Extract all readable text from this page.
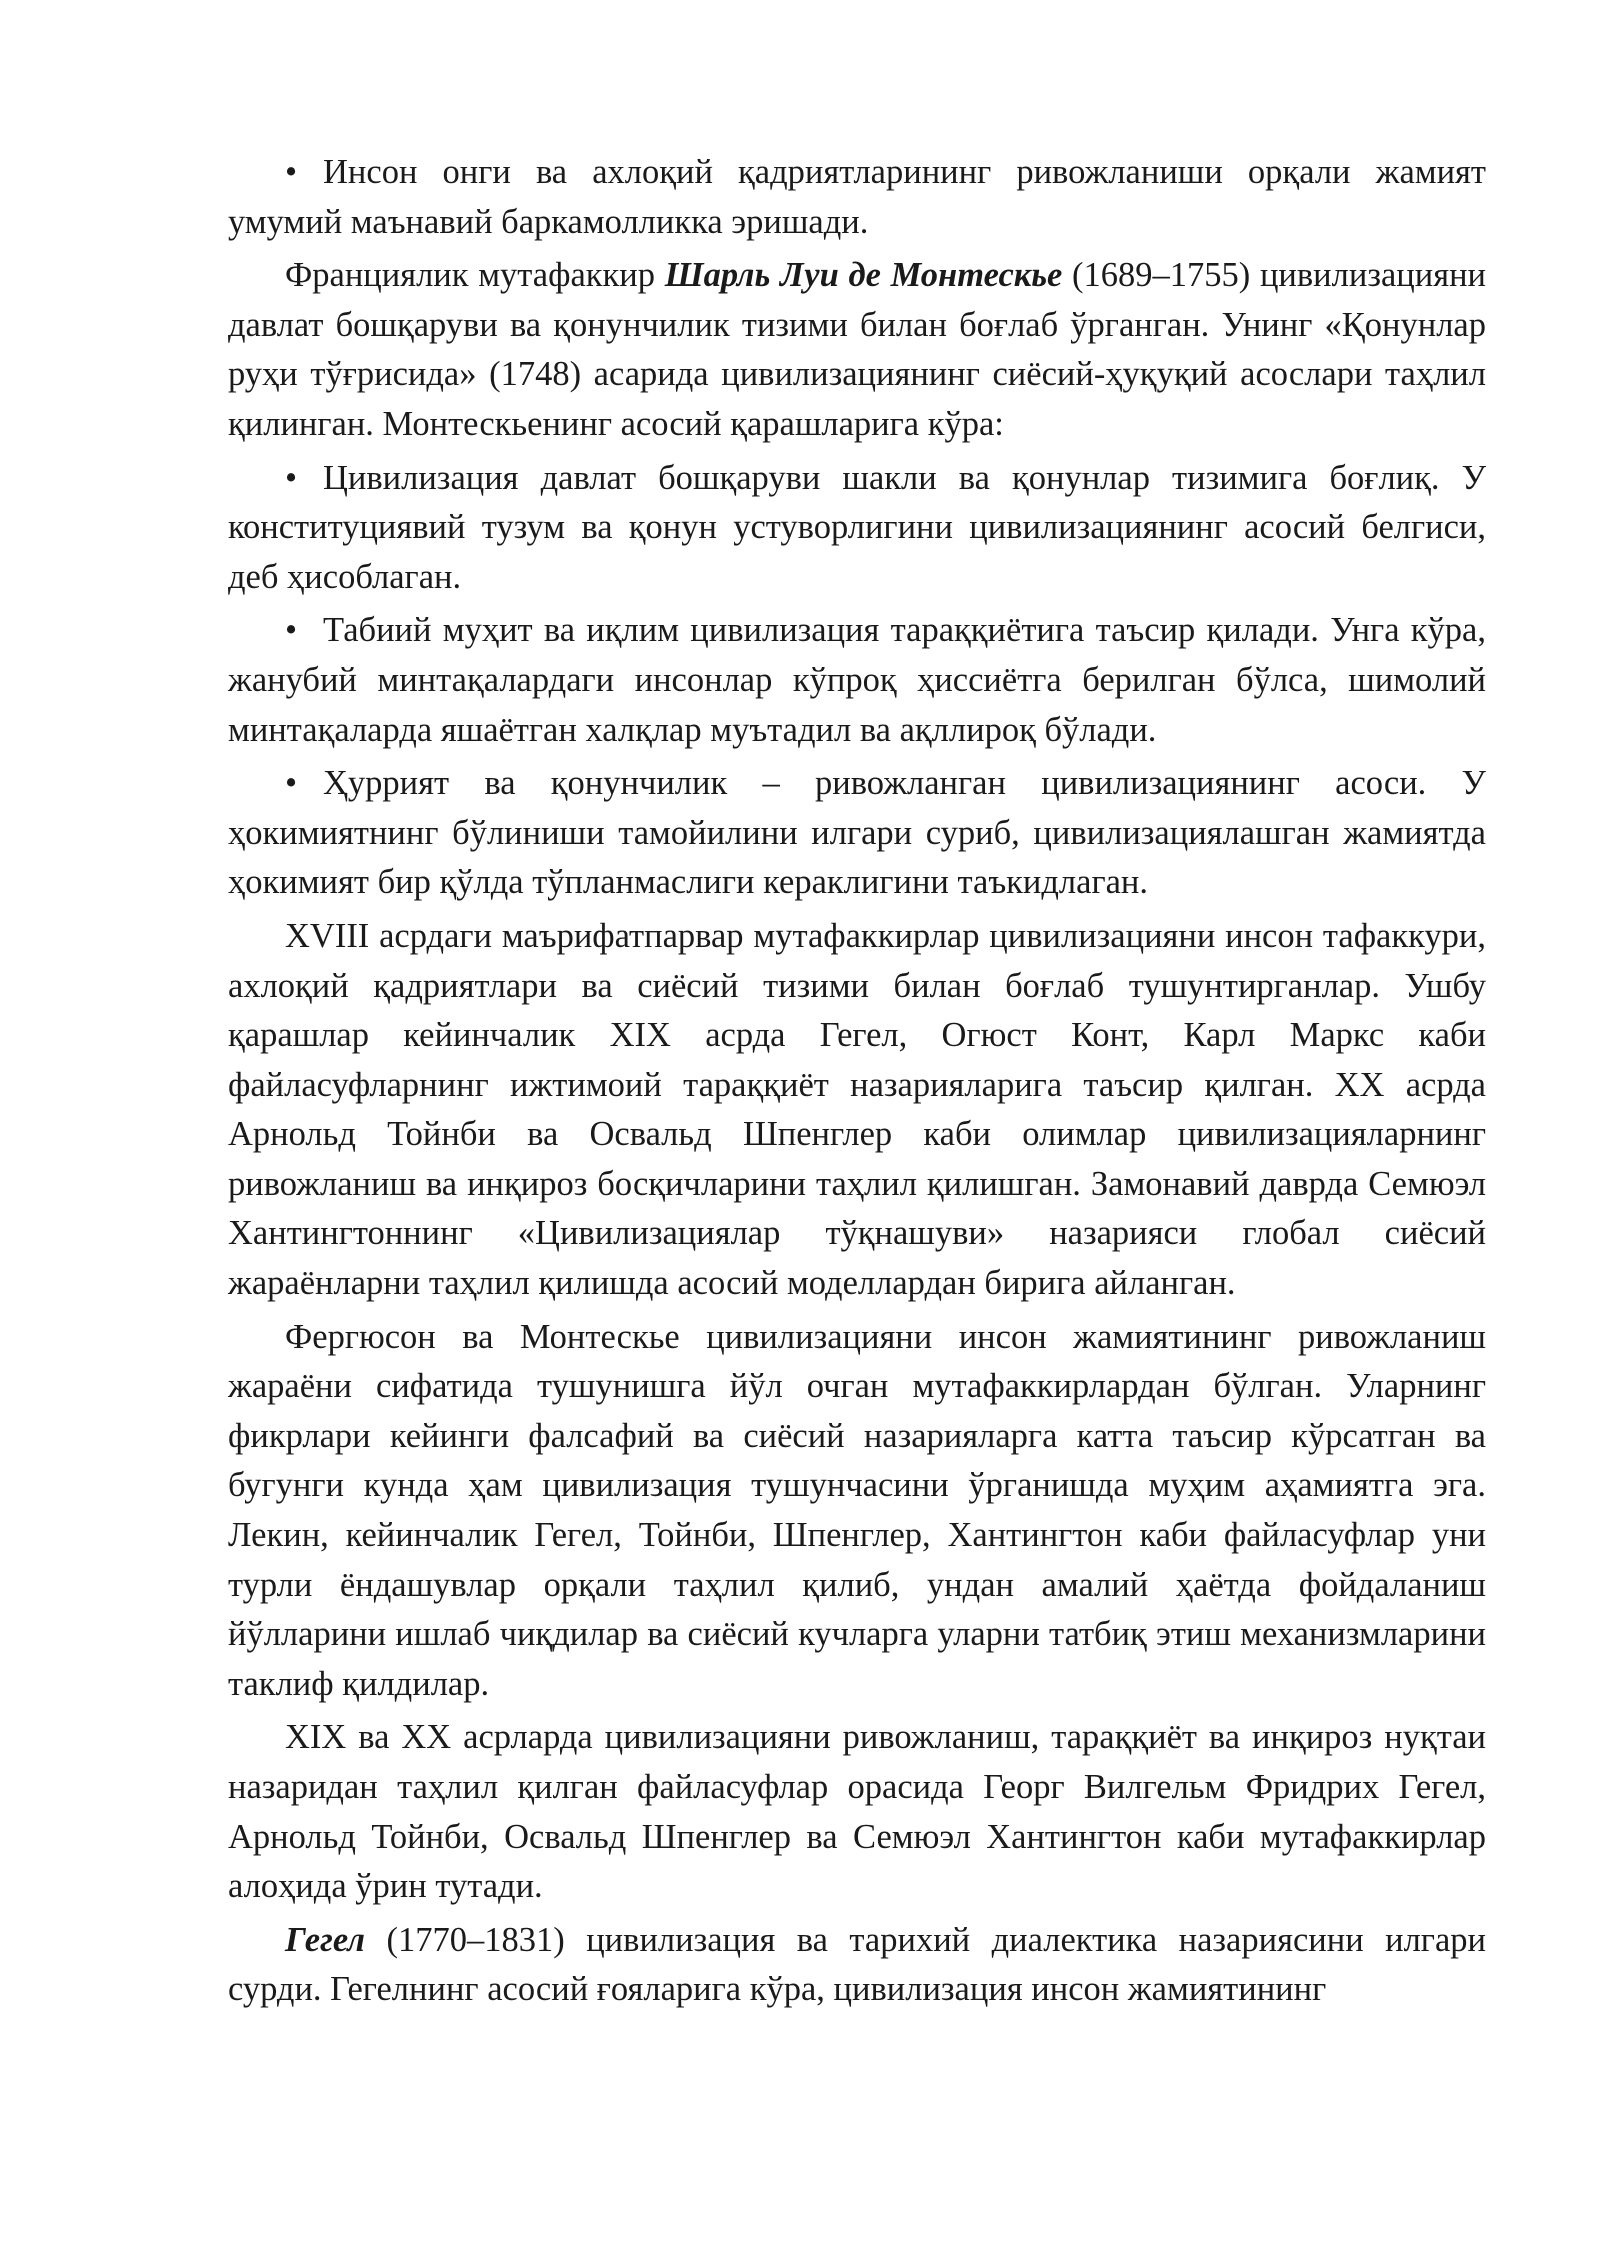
• Инсон онги ва ахлоқий қадриятларининг ривожланиши орқали жамият умумий маънавий баркамолликка эришади.

Франциялик мутафаккир Шарль Луи де Монтескье (1689–1755) цивилизацияни давлат бошқаруви ва қонунчилик тизими билан боғлаб ўрганган. Унинг «Қонунлар руҳи тўғрисида» (1748) асарида цивилизациянинг сиёсий-ҳуқуқий асослари таҳлил қилинган. Монтескьенинг асосий қарашларига кўра:

• Цивилизация давлат бошқаруви шакли ва қонунлар тизимига боғлиқ. У конституциявий тузум ва қонун устуворлигини цивилизациянинг асосий белгиси, деб ҳисоблаган.

• Табиий муҳит ва иқлим цивилизация тараққиётига таъсир қилади. Унга кўра, жанубий минтақалардаги инсонлар кўпроқ ҳиссиётга берилган бўлса, шимолий минтақаларда яшаётган халқлар муътадил ва ақллироқ бўлади.

• Ҳуррият ва қонунчилик – ривожланган цивилизациянинг асоси. У ҳокимиятнинг бўлиниши тамойилини илгари суриб, цивилизациялашган жамиятда ҳокимият бир қўлда тўпланмаслиги кераклигини таъкидлаган.

XVIII асрдаги маърифатпарвар мутафаккирлар цивилизацияни инсон тафаккури, ахлоқий қадриятлари ва сиёсий тизими билан боғлаб тушунтирганлар. Ушбу қарашлар кейинчалик XIX асрда Гегел, Огюст Конт, Карл Маркс каби файласуфларнинг ижтимоий тараққиёт назарияларига таъсир қилган. XX асрда Арнольд Тойнби ва Освальд Шпенглер каби олимлар цивилизацияларнинг ривожланиш ва инқироз босқичларини таҳлил қилишган. Замонавий даврда Семюэл Хантингтоннинг «Цивилизациялар тўқнашуви» назарияси глобал сиёсий жараёнларни таҳлил қилишда асосий моделлардан бирига айланган.

Фергюсон ва Монтескье цивилизацияни инсон жамиятининг ривожланиш жараёни сифатида тушунишга йўл очган мутафаккирлардан бўлган. Уларнинг фикрлари кейинги фалсафий ва сиёсий назарияларга катта таъсир кўрсатган ва бугунги кунда ҳам цивилизация тушунчасини ўрганишда муҳим аҳамиятга эга. Лекин, кейинчалик Гегел, Тойнби, Шпенглер, Хантингтон каби файласуфлар уни турли ёндашувлар орқали таҳлил қилиб, ундан амалий ҳаётда фойдаланиш йўлларини ишлаб чиқдилар ва сиёсий кучларга уларни татбиқ этиш механизмларини таклиф қилдилар.

XIX ва XX асрларда цивилизацияни ривожланиш, тараққиёт ва инқироз нуқтаи назаридан таҳлил қилган файласуфлар орасида Георг Вилгельм Фридрих Гегел, Арнольд Тойнби, Освальд Шпенглер ва Семюэл Хантингтон каби мутафаккирлар алоҳида ўрин тутади.

Гегел (1770–1831) цивилизация ва тарихий диалектика назариясини илгари сурди. Гегелнинг асосий ғояларига кўра, цивилизация инсон жамиятининг
